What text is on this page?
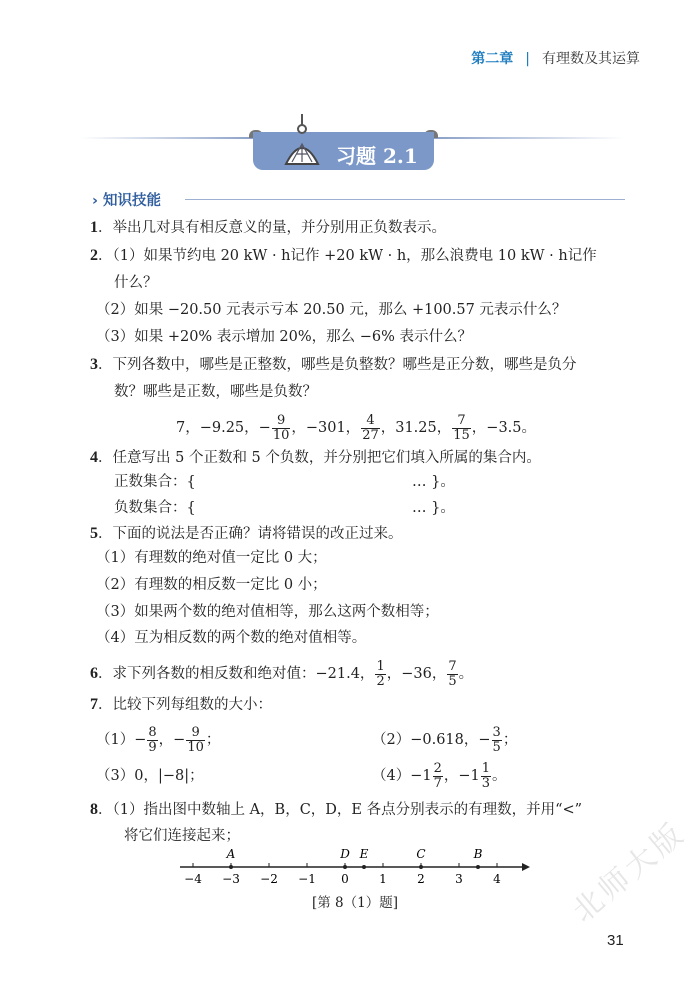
第二章 | 有理数及其运算
习题 2.1
› 知识技能
1．举出几对具有相反意义的量，并分别用正负数表示。
2．（1）如果节约电 20 kW · h记作 +20 kW · h，那么浪费电 10 kW · h记作
什么？
（2）如果 −20.50 元表示亏本 20.50 元，那么 +100.57 元表示什么？
（3）如果 +20% 表示增加 20%，那么 −6% 表示什么？
3．下列各数中，哪些是正整数，哪些是负整数？哪些是正分数，哪些是负分
数？哪些是正数，哪些是负数？
7，−9.25，− $\frac{9}{10}$ ，−301， $\frac{4}{27}$ ，31.25， $\frac{7}{15}$ ，−3.5。
4．任意写出 5 个正数和 5 个负数，并分别把它们填入所属的集合内。
正数集合：{	… }。
负数集合：{	… }。
5．下面的说法是否正确？请将错误的改正过来。
（1）有理数的绝对值一定比 0 大；
（2）有理数的相反数一定比 0 小；
（3）如果两个数的绝对值相等，那么这两个数相等；
（4）互为相反数的两个数的绝对值相等。
6．求下列各数的相反数和绝对值：−21.4， $\frac{1}{2}$ ，−36， $\frac{7}{5}$ 。
7．比较下列每组数的大小：
$(1)- \frac{8}{9}$ ，− $\frac{9}{10}$ ；	（2）−0.618，− $\frac{3}{5}$ ；
（3）0，|−8|；	$(4)-1 \frac{2}{7}$ ，$-1 \frac{1}{3}$ 。
8．（1）指出图中数轴上 A，B，C，D，E 各点分别表示的有理数，并用“<”
将它们连接起来；
−4 −3 −2 −1 0	1	2	3	4
A	D E	C	B
[第 8（1）题]	北师大版
31
